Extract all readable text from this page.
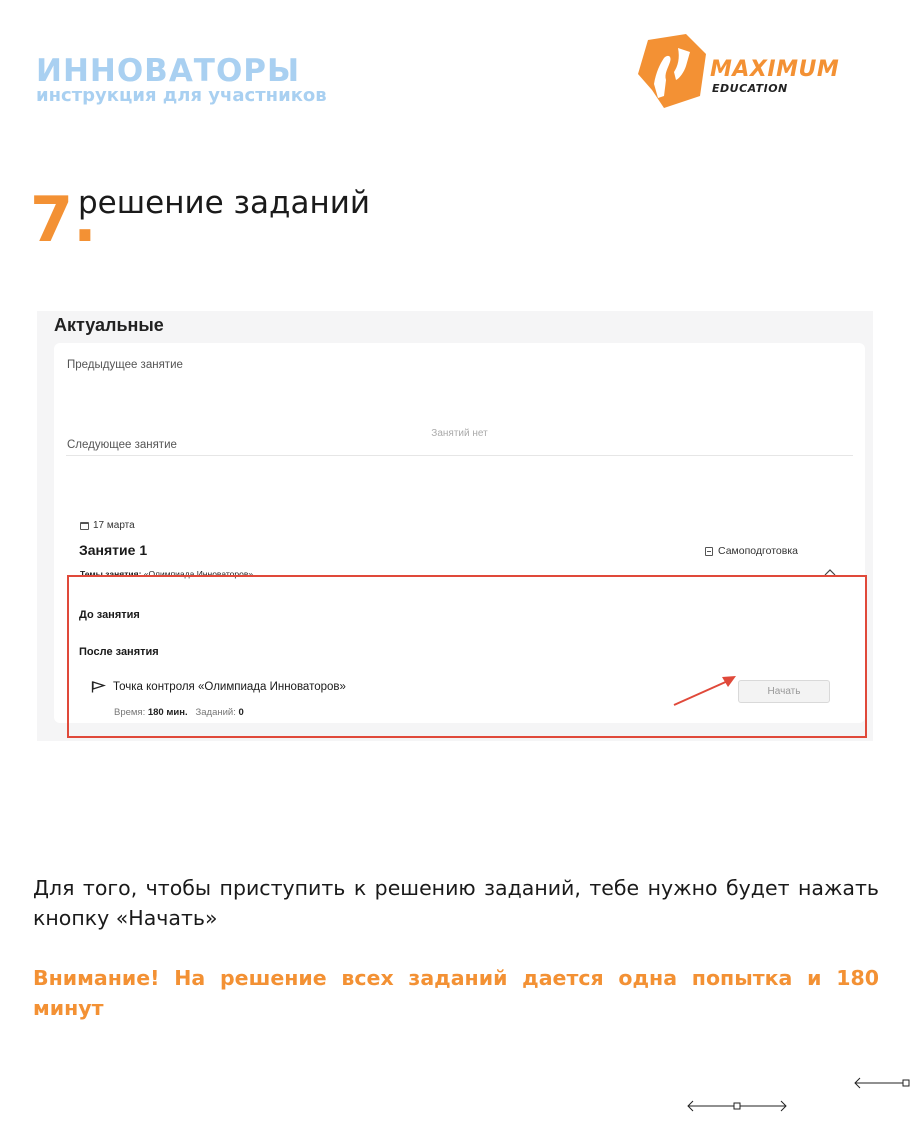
ИННОВАТОРЫ
инструкция для участников
MAXIMUM
EDUCATION
7.
решение заданий
Актуальные
Предыдущее занятие
Занятий нет
Следующее занятие
17 марта
Занятие 1
Темы занятия: «Олимпиада Инноваторов»
Самоподготовка
До занятия
После занятия
Точка контроля «Олимпиада Инноваторов»
Время: 180 мин. Заданий: 0
Начать
Для того, чтобы приступить к решению заданий, тебе нужно будет нажать кнопку «Начать»
Внимание! На решение всех заданий дается одна попытка и 180 минут
